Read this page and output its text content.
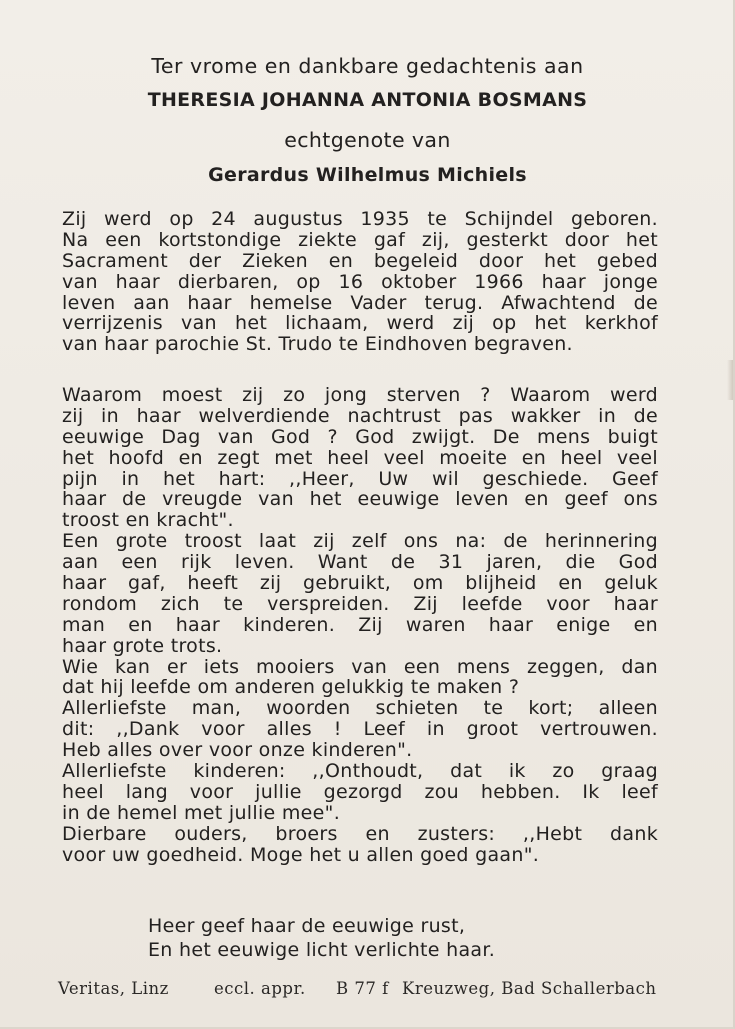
Ter vrome en dankbare gedachtenis aan
THERESIA JOHANNA ANTONIA BOSMANS
echtgenote van
Gerardus Wilhelmus Michiels
Zij werd op 24 augustus 1935 te Schijndel geboren.
Na een kortstondige ziekte gaf zij, gesterkt door het
Sacrament der Zieken en begeleid door het gebed
van haar dierbaren, op 16 oktober 1966 haar jonge
leven aan haar hemelse Vader terug. Afwachtend de
verrijzenis van het lichaam, werd zij op het kerkhof
van haar parochie St. Trudo te Eindhoven begraven.
Waarom moest zij zo jong sterven ? Waarom werd
zij in haar welverdiende nachtrust pas wakker in de
eeuwige Dag van God ? God zwijgt. De mens buigt
het hoofd en zegt met heel veel moeite en heel veel
pijn in het hart: ,,Heer, Uw wil geschiede. Geef
haar de vreugde van het eeuwige leven en geef ons
troost en kracht".
Een grote troost laat zij zelf ons na: de herinnering
aan een rijk leven. Want de 31 jaren, die God
haar gaf, heeft zij gebruikt, om blijheid en geluk
rondom zich te verspreiden. Zij leefde voor haar
man en haar kinderen. Zij waren haar enige en
haar grote trots.
Wie kan er iets mooiers van een mens zeggen, dan
dat hij leefde om anderen gelukkig te maken ?
Allerliefste man, woorden schieten te kort; alleen
dit: ,,Dank voor alles ! Leef in groot vertrouwen.
Heb alles over voor onze kinderen".
Allerliefste kinderen: ,,Onthoudt, dat ik zo graag
heel lang voor jullie gezorgd zou hebben. Ik leef
in de hemel met jullie mee".
Dierbare ouders, broers en zusters: ,,Hebt dank
voor uw goedheid. Moge het u allen goed gaan".
Heer geef haar de eeuwige rust,
En het eeuwige licht verlichte haar.
Veritas, Linz	eccl. appr. B 77 f Kreuzweg, Bad Schallerbach
